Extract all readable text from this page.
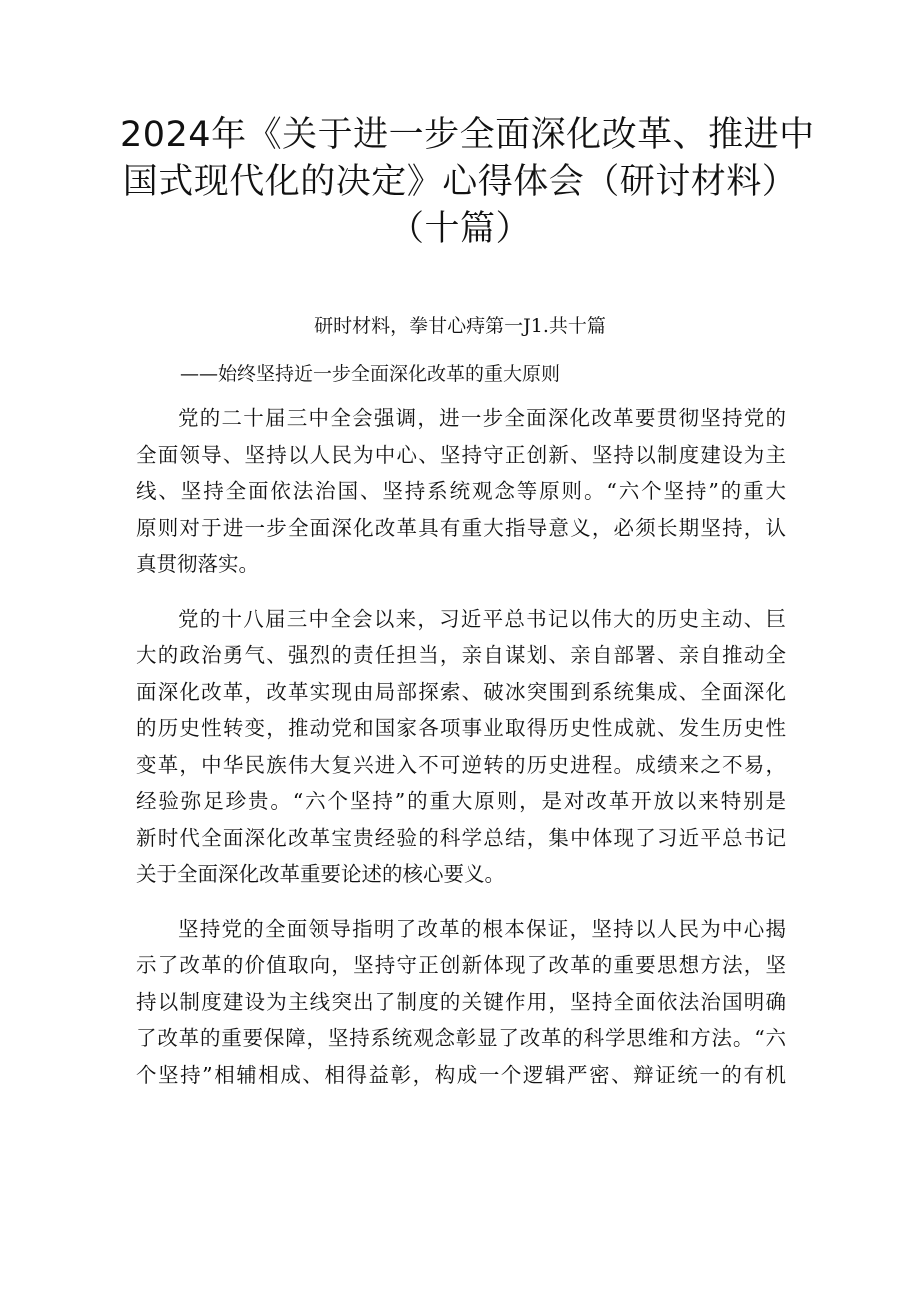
2024年《关于进一步全面深化改革、推进中
国式现代化的决定》心得体会（研讨材料）
（十篇）
研时材料，拳甘心痔第一J1.共十篇
——始终坚持近一步全面深化改革的重大原则
党的二十届三中全会强调，进一步全面深化改革要贯彻坚持党的
全面领导、坚持以人民为中心、坚持守正创新、坚持以制度建设为主
线、坚持全面依法治国、坚持系统观念等原则。“六个坚持”的重大
原则对于进一步全面深化改革具有重大指导意义，必须长期坚持，认
真贯彻落实。
党的十八届三中全会以来，习近平总书记以伟大的历史主动、巨
大的政治勇气、强烈的责任担当，亲自谋划、亲自部署、亲自推动全
面深化改革，改革实现由局部探索、破冰突围到系统集成、全面深化
的历史性转变，推动党和国家各项事业取得历史性成就、发生历史性
变革，中华民族伟大复兴进入不可逆转的历史进程。成绩来之不易，
经验弥足珍贵。“六个坚持”的重大原则，是对改革开放以来特别是
新时代全面深化改革宝贵经验的科学总结，集中体现了习近平总书记
关于全面深化改革重要论述的核心要义。
坚持党的全面领导指明了改革的根本保证，坚持以人民为中心揭
示了改革的价值取向，坚持守正创新体现了改革的重要思想方法，坚
持以制度建设为主线突出了制度的关键作用，坚持全面依法治国明确
了改革的重要保障，坚持系统观念彰显了改革的科学思维和方法。“六
个坚持”相辅相成、相得益彰，构成一个逻辑严密、辩证统一的有机
